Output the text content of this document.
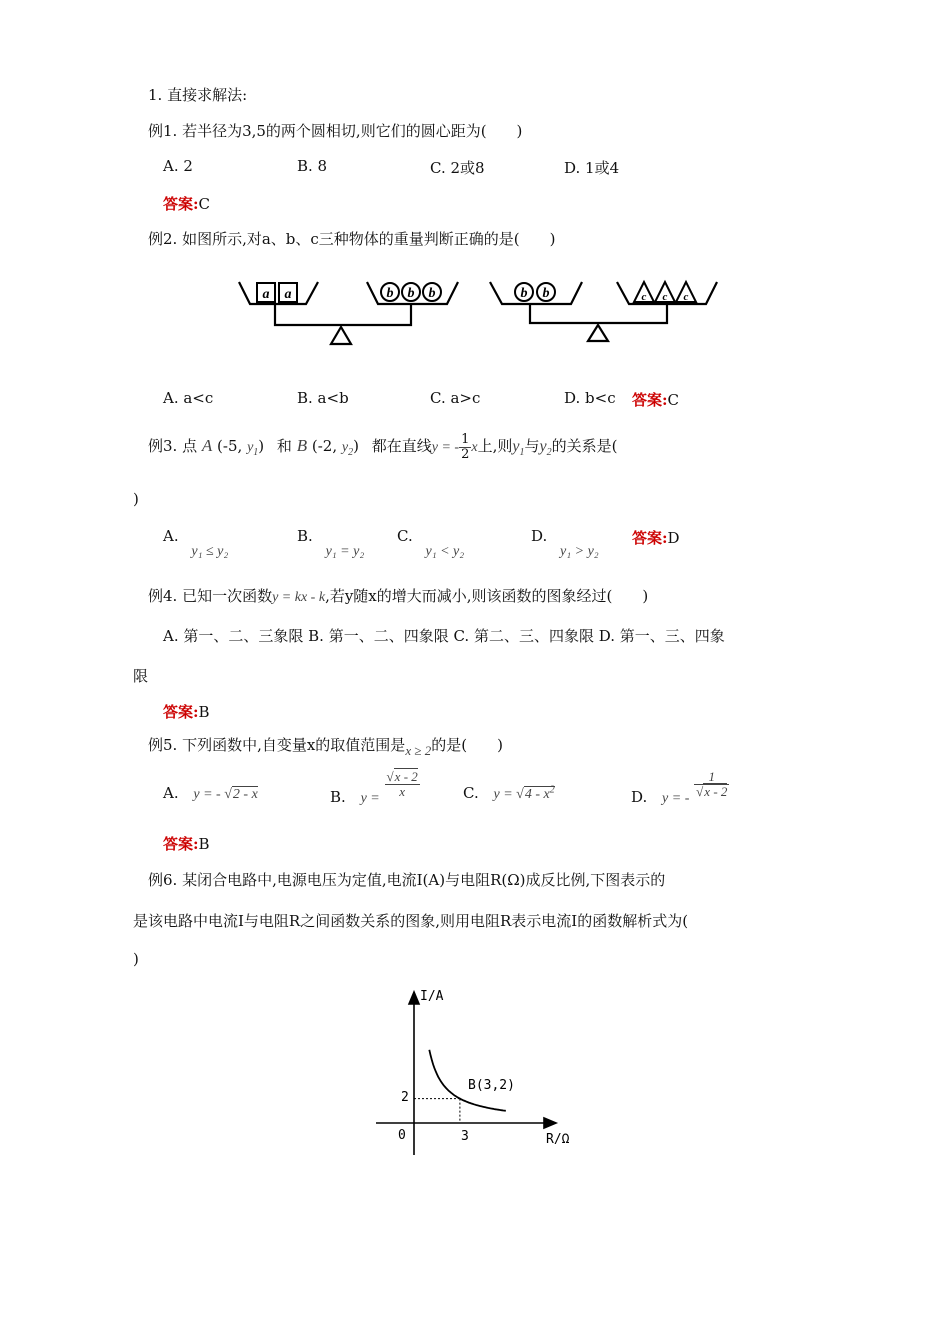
1. 直接求解法:
例1. 若半径为3,5的两个圆相切,则它们的圆心距为(　　)
A. 2	B. 8	C. 2或8	D. 1或4
答案:C
例2. 如图所示,对a、b、c三种物体的重量判断正确的是(　　)
a a	b b b	b b	c c c
A. a<c	B. a<b	C. a>c	D. b<c 答案:C
例3. 点 A (-5, $y_1$) 和 B (-2, $y_2$) 都在直线y = - $\frac{1}{2}$ x上,则$y_1$与$y_2$的关系是(
)
A. y₁ ≤ y₂
B. y₁ = y₂
C. y₁ < y₂
D. y₁ > y₂
答案:D
例4. 已知一次函数y = kx - k,若y随x的增大而减小,则该函数的图象经过(　　)
A. 第一、二、三象限 B. 第一、二、四象限 C. 第二、三、四象限 D. 第一、三、四象
限
答案:B
例5. 下列函数中,自变量x的取值范围是x ≥ 2的是(　　)
A. y = - √2 - x	B. y =
$\frac{√x - 2}{x}$	C. $y = √4 - x^2$	D. y = -
$\frac{1}{√x - 2}$
答案:B
例6. 某闭合电路中,电源电压为定值,电流I(A)与电阻R(Ω)成反比例,下图表示的
是该电路中电流I与电阻R之间函数关系的图象,则用电阻R表示电流I的函数解析式为(
)
I/A
R/Ω
0	3
2
B(3,2)
